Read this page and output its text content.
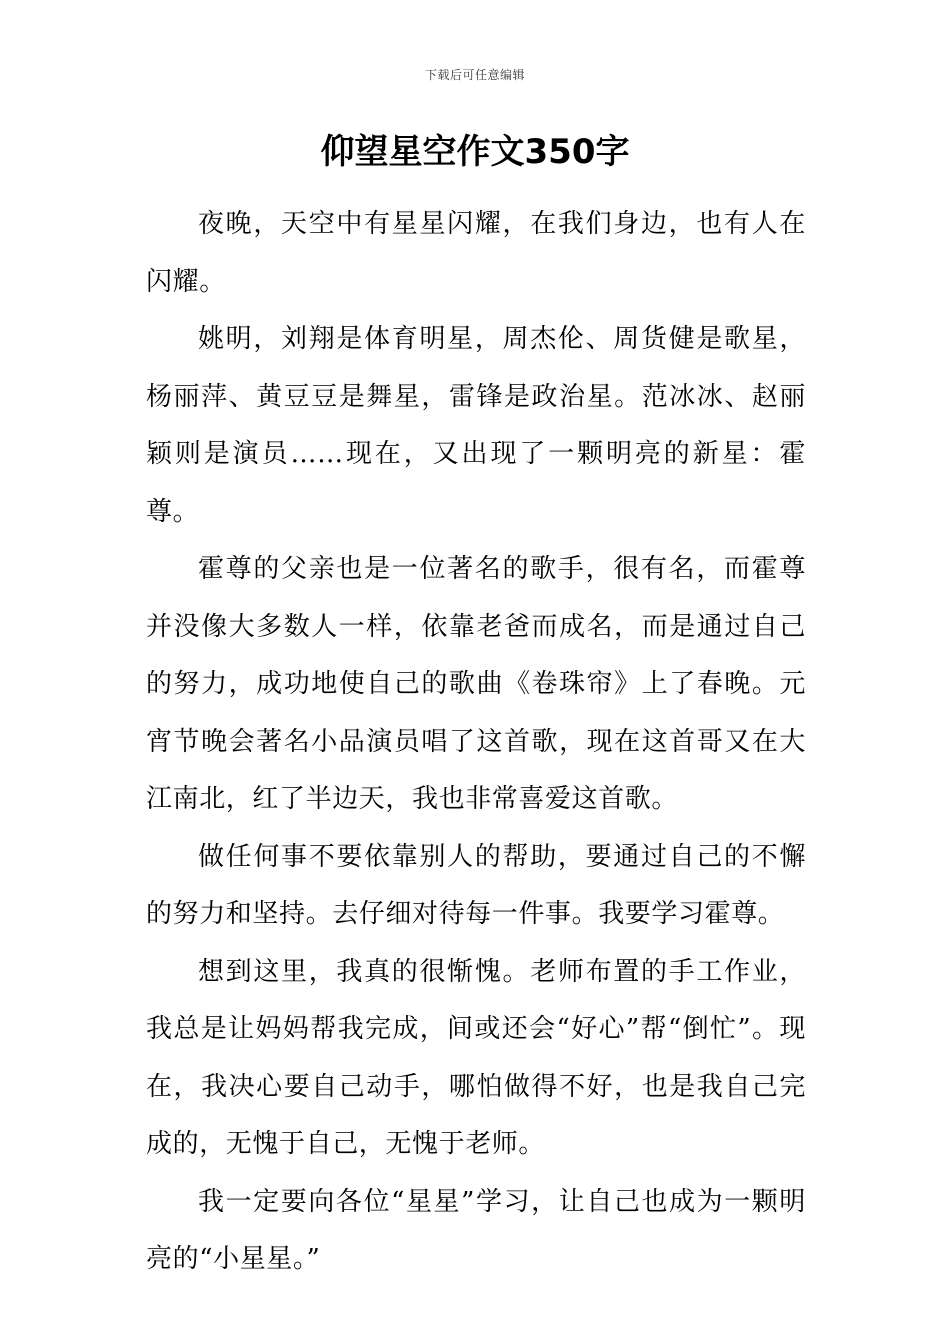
下载后可任意编辑
仰望星空作文350字

夜晚，天空中有星星闪耀，在我们身边，也有人在闪耀。

姚明，刘翔是体育明星，周杰伦、周货健是歌星，杨丽萍、黄豆豆是舞星，雷锋是政治星。范冰冰、赵丽颖则是演员……现在，又出现了一颗明亮的新星：霍尊。

霍尊的父亲也是一位著名的歌手，很有名，而霍尊并没像大多数人一样，依靠老爸而成名，而是通过自己的努力，成功地使自己的歌曲《卷珠帘》上了春晚。元宵节晚会著名小品演员唱了这首歌，现在这首哥又在大江南北，红了半边天，我也非常喜爱这首歌。

做任何事不要依靠别人的帮助，要通过自己的不懈的努力和坚持。去仔细对待每一件事。我要学习霍尊。

想到这里，我真的很惭愧。老师布置的手工作业，我总是让妈妈帮我完成，间或还会“好心”帮“倒忙”。现在，我决心要自己动手，哪怕做得不好，也是我自己完成的，无愧于自己，无愧于老师。

我一定要向各位“星星”学习，让自己也成为一颗明亮的“小星星。”
